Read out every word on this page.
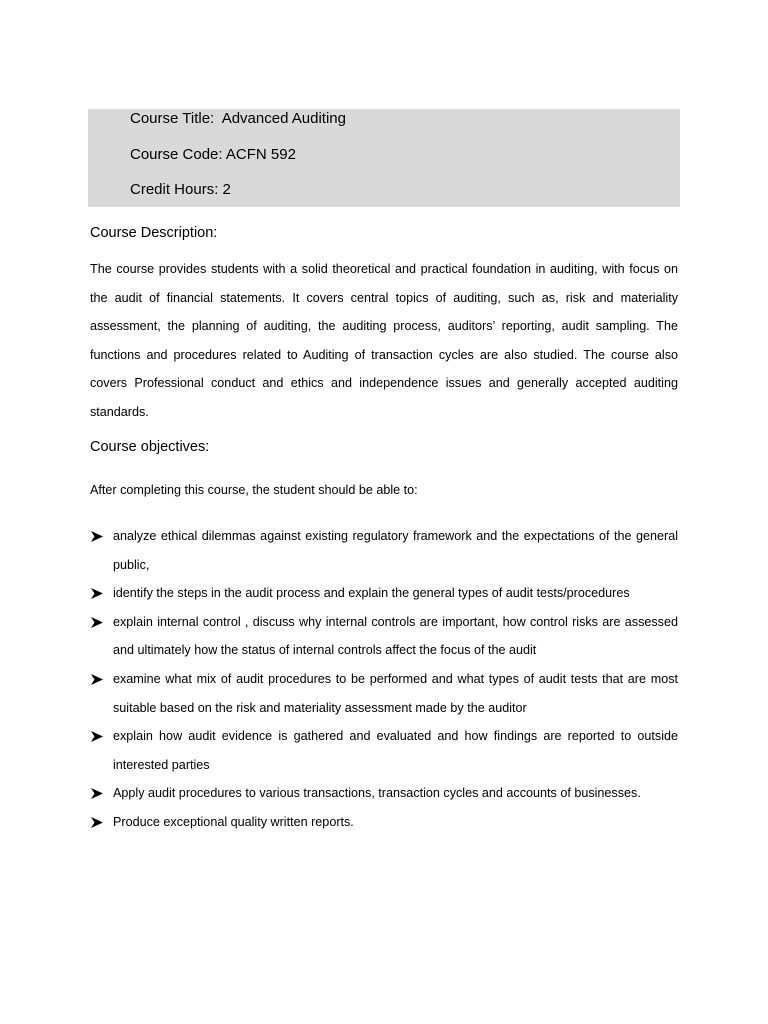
Course Title:  Advanced Auditing
Course Code: ACFN 592
Credit Hours: 2
Course Description:
The course provides students with a solid theoretical and practical foundation in auditing, with focus on the audit of financial statements. It covers central topics of auditing, such as, risk and materiality assessment, the planning of auditing, the auditing process, auditors’ reporting, audit sampling. The functions and procedures related to Auditing of transaction cycles are also studied. The course also covers Professional conduct and ethics and independence issues and generally accepted auditing standards.
Course objectives:
After completing this course, the student should be able to:
analyze ethical dilemmas against existing regulatory framework and the expectations of the general public,
identify the steps in the audit process and explain the general types of audit tests/procedures
explain internal control , discuss why internal controls are important, how control risks are assessed and ultimately how the status of internal controls affect the focus of the audit
examine what mix of audit procedures to be performed and what types of audit tests that are most suitable based on the risk and materiality assessment made by the auditor
explain how audit evidence is gathered and evaluated and how findings are reported to outside interested parties
Apply audit procedures to various transactions, transaction cycles and accounts of businesses.
Produce exceptional quality written reports.
